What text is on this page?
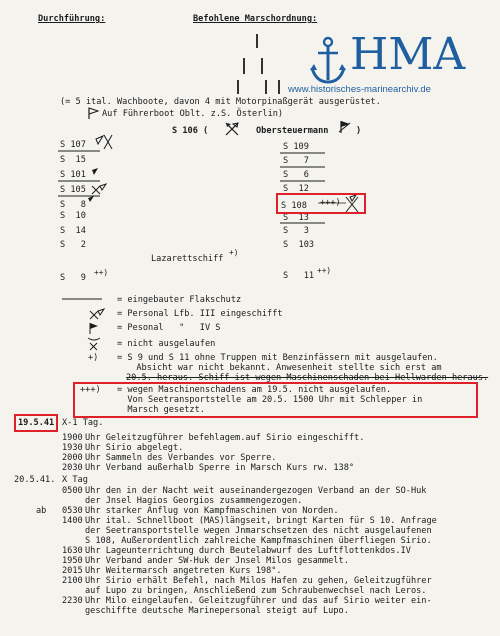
Durchführung:	Befohlene Marschordnung:
HMA
www.historisches-marinearchiv.de
(= 5 ital. Wachboote, davon 4 mit Motorpinaßgerät ausgerüstet.
Auf Führerboot Oblt. z.S. Österlin)
S 106 (	Obersteuermann	)
S 107
S  15
S 101
S 105
S   8
S  10
S  14
S   2
S 109
S   7
S   6
S  12
S 108 +++)
S  13
S   3
S  103
Lazarettschiff
+)
S   9
++)	S   11
++)
= eingebauter Flakschutz
= Personal Lfb. III eingeschifft
= Pesonal   "   IV S
= nicht ausgelaufen
+) = S 9 und S 11 ohne Truppen mit Benzinfässern mit ausgelaufen.
Absicht war nicht bekannt. Anwesenheit stellte sich erst am
20.5. heraus. Schiff ist wegen Maschinenschaden bei Hellwarden heraus.
+++) = wegen Maschinenschadens am 19.5. nicht ausgelaufen.
Von Seetransportstelle am 20.5. 1500 Uhr mit Schlepper in
Marsch gesetzt.
19.5.41 X-1 Tag.
1900 Uhr Geleitzugführer befehlagem.auf Sirio eingeschifft.
1930 Uhr Sirio abgelegt.
2000 Uhr Sammeln des Verbandes vor Sperre.
2030 Uhr Verband außerhalb Sperre in Marsch Kurs rw. 138°
20.5.41. X Tag
0500 Uhr den in der Nacht weit auseinandergezogen Verband an der SO-Huk
der Jnsel Hagios Georgios zusammengezogen.
ab 0530 Uhr starker Anflug von Kampfmaschinen von Norden.
1400 Uhr ital. Schnellboot (MAS)längseit, bringt Karten für S 10. Anfrage
der Seetransportstelle wegen Jnmarschsetzen des nicht ausgelaufenen
S 108, Außerordentlich zahlreiche Kampfmaschinen überfliegen Sirio.
1630 Uhr Lageunterrichtung durch Beutelabwurf des Luftflottenkdos.IV
1950 Uhr Verband ander SW-Huk der Jnsel Milos gesammelt.
2015 Uhr Weitermarsch angetreten Kurs 198°.
2100 Uhr Sirio erhält Befehl, nach Milos Hafen zu gehen, Geleitzugführer
auf Lupo zu bringen, Anschließend zum Schraubenwechsel nach Leros.
2230 Uhr Milo eingelaufen. Geleitzugführer und das auf Sirio weiter ein-
geschiffte deutsche Marinepersonal steigt auf Lupo.
